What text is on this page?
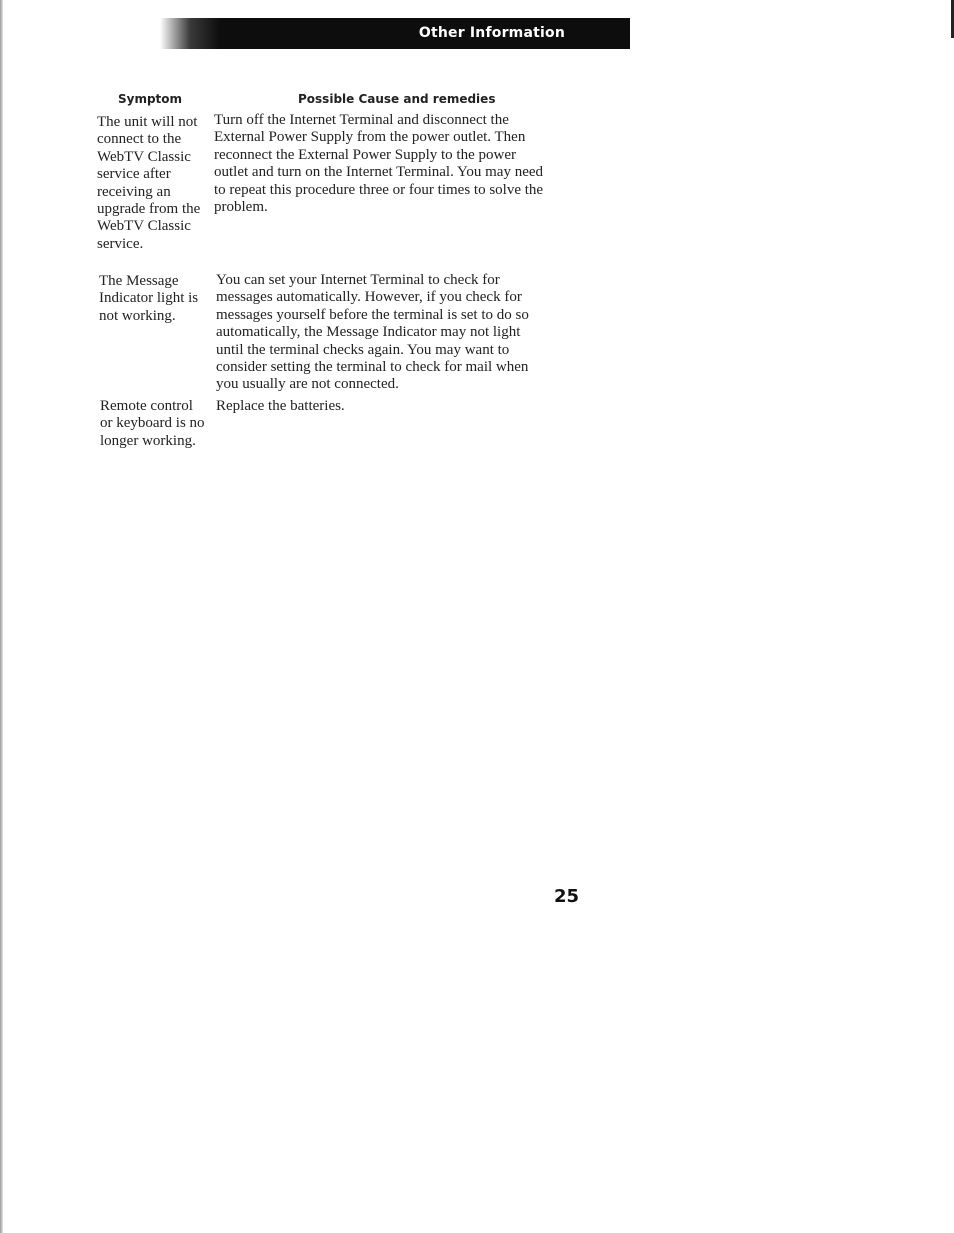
Other Information
Symptom	Possible Cause and remedies
The unit will not connect to the WebTV Classic service after receiving an upgrade from the WebTV Classic service.
Turn off the Internet Terminal and disconnect the External Power Supply from the power outlet. Then reconnect the External Power Supply to the power outlet and turn on the Internet Terminal. You may need to repeat this procedure three or four times to solve the problem.
The Message Indicator light is not working.
You can set your Internet Terminal to check for messages automatically. However, if you check for messages yourself before the terminal is set to do so automatically, the Message Indicator may not light until the terminal checks again. You may want to consider setting the terminal to check for mail when you usually are not connected.
Remote control or keyboard is no longer working.
Replace the batteries.
25
